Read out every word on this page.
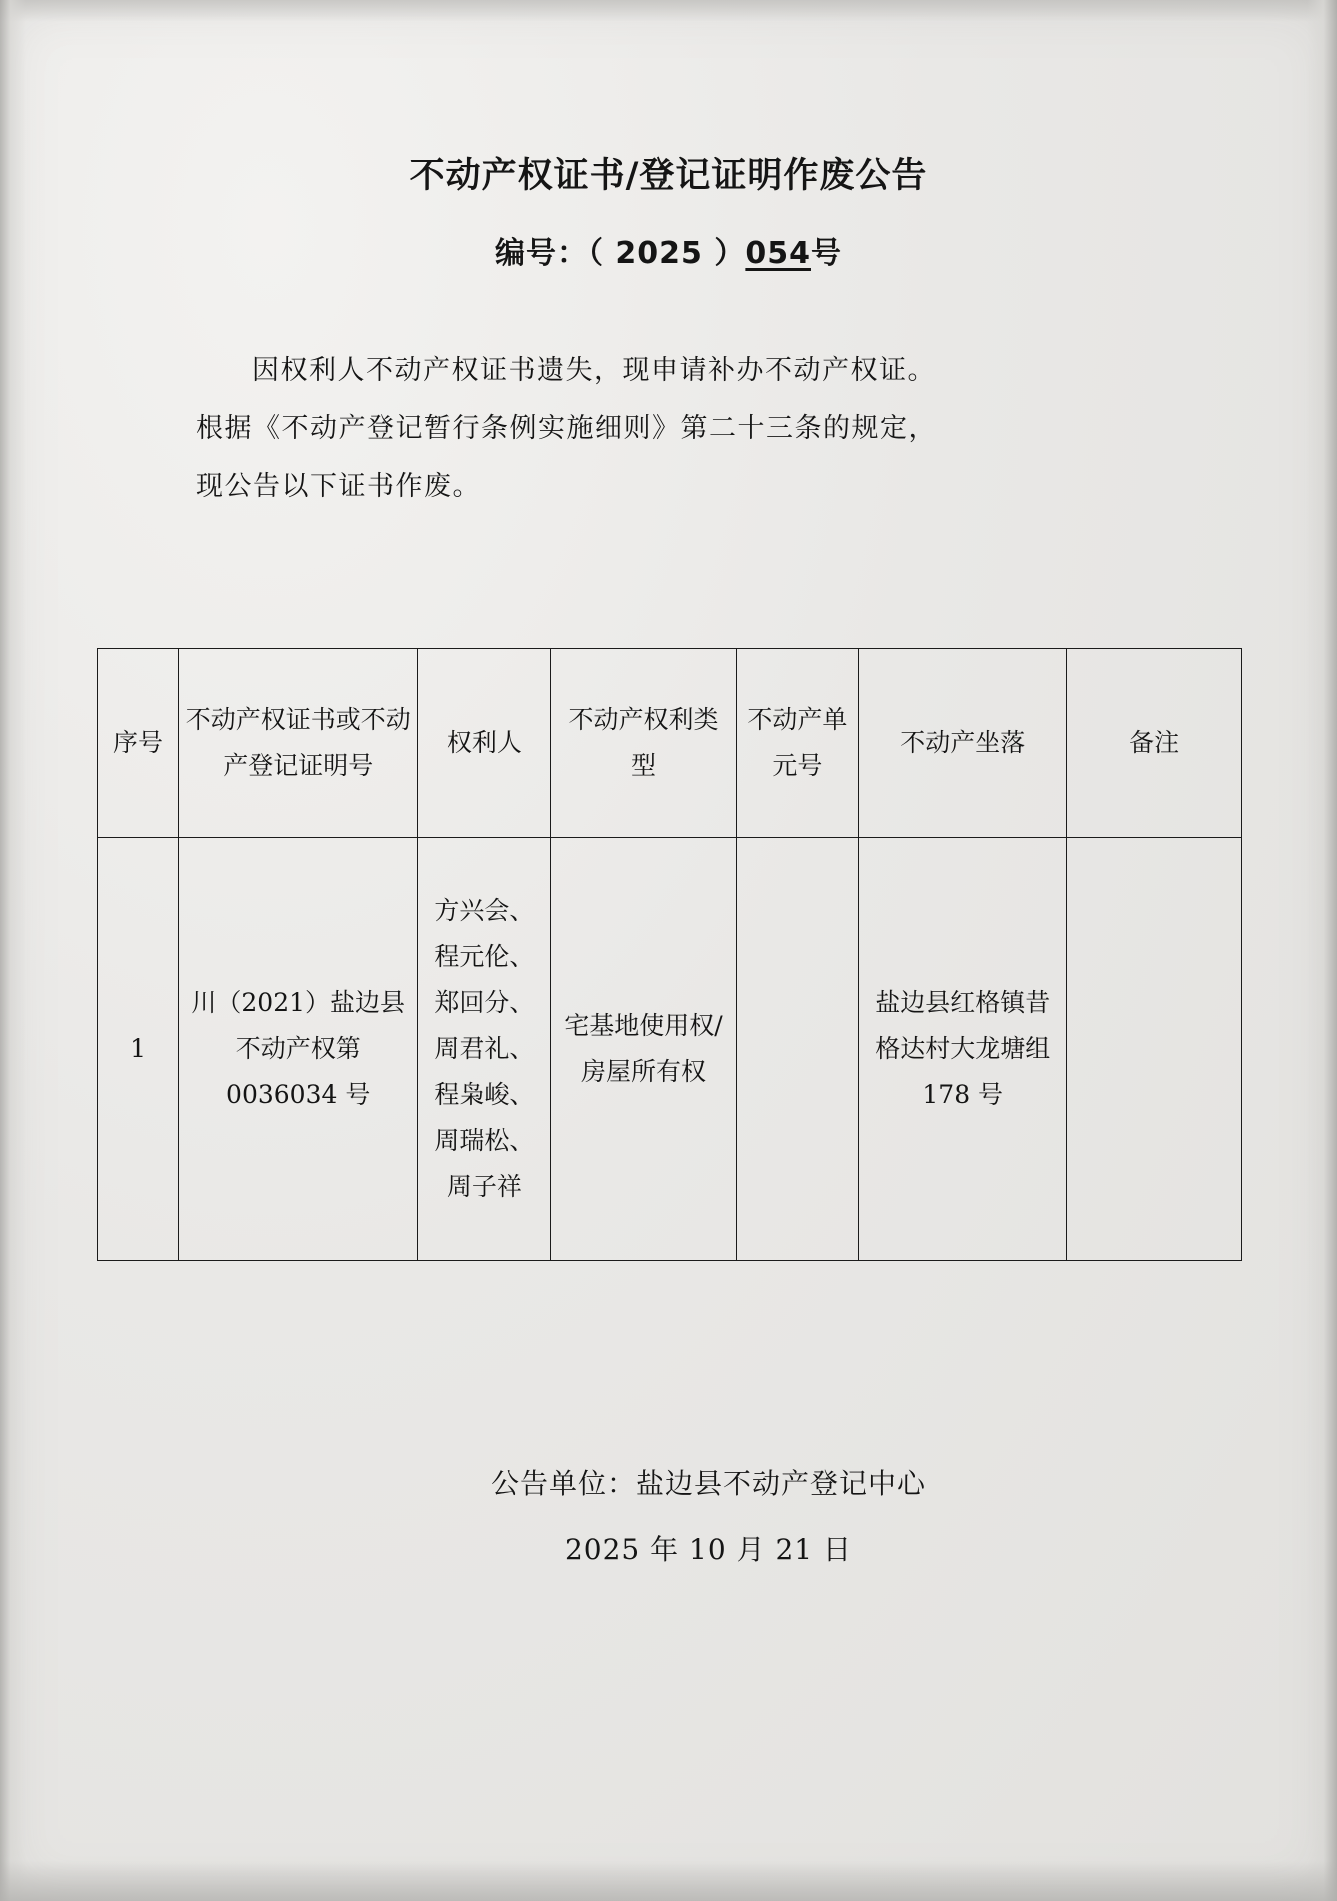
不动产权证书/登记证明作废公告
编号：（ 2025 ）054号

因权利人不动产权证书遗失，现申请补办不动产权证。

根据《不动产登记暂行条例实施细则》第二十三条的规定，

现公告以下证书作废。

序号	不动产权证书或不动产登记证明号	权利人	不动产权利类 型	不动产单元号	不动产坐落	备注
1	川（2021）盐边县不动产权第0036034 号	方兴会、程元伦、郑回分、周君礼、程枭峻、周瑞松、周子祥	宅基地使用权/房屋所有权		盐边县红格镇昔格达村大龙塘组178 号	
公告单位：盐边县不动产登记中心
2025 年 10 月 21 日
